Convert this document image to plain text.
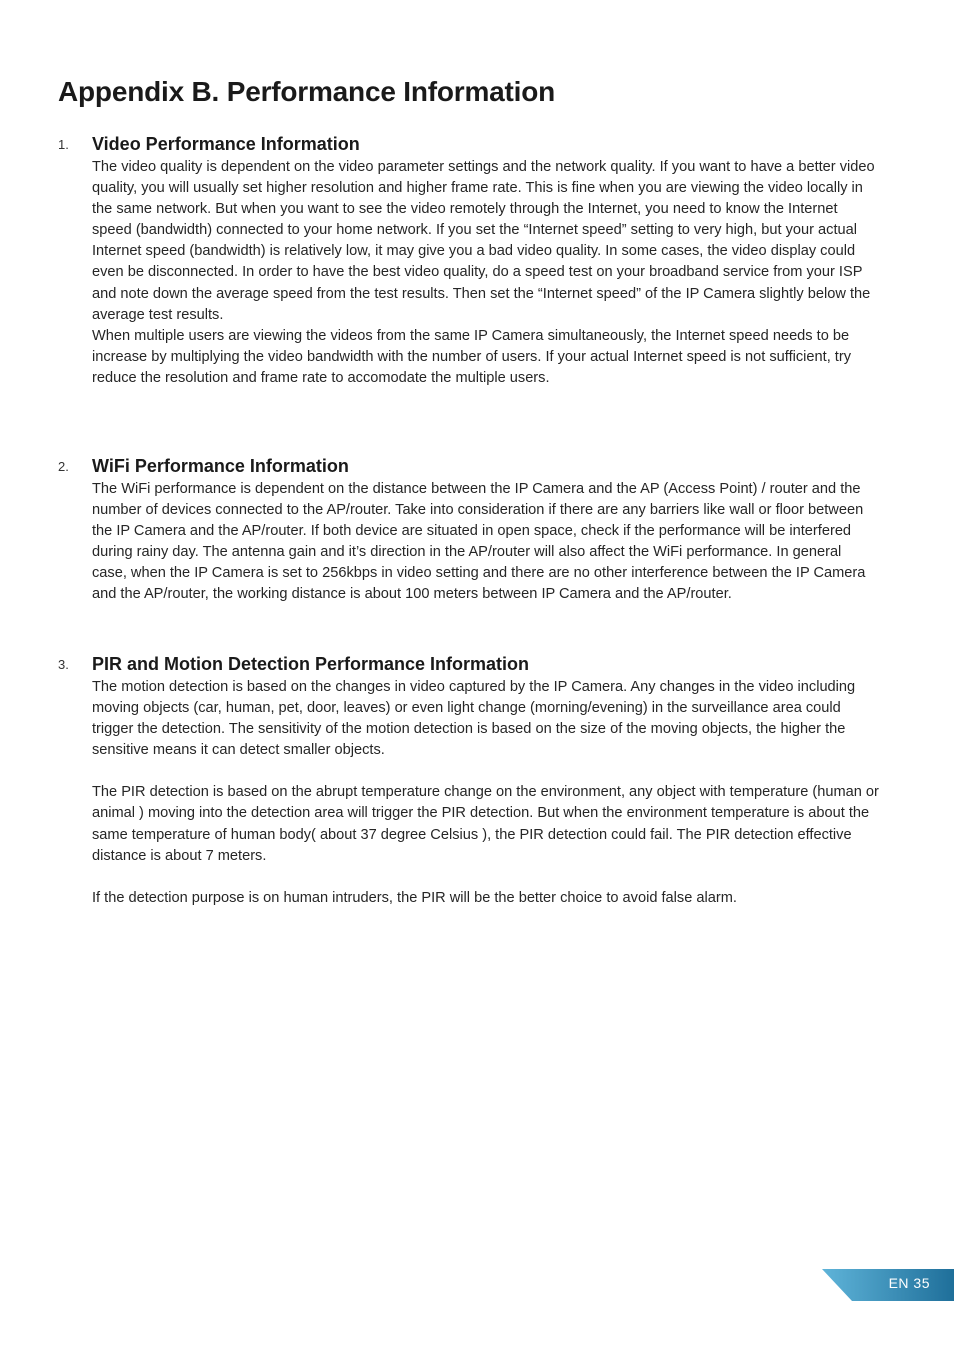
Appendix B. Performance Information
1. Video Performance Information

The video quality is dependent on the video parameter settings and the network quality. If you want to have a better video quality, you will usually set higher resolution and higher frame rate. This is fine when you are viewing the video locally in the same network. But when you want to see the video remotely through the Internet, you need to know the Internet speed (bandwidth) connected to your home network. If you set the “Internet speed” setting to very high, but your actual Internet speed (bandwidth) is relatively low, it may give you a bad video quality. In some cases, the video display could even be disconnected. In order to have the best video quality, do a speed test on your broadband service from your ISP and note down the average speed from the test results. Then set the “Internet speed” of the IP Camera slightly below the average test results.

When multiple users are viewing the videos from the same IP Camera simultaneously, the Internet speed needs to be increase by multiplying the video bandwidth with the number of users. If your actual Internet speed is not sufficient, try reduce the resolution and frame rate to accomodate the multiple users.

2. WiFi Performance Information

The WiFi performance is dependent on the distance between the IP Camera and the AP (Access Point) / router and the number of devices connected to the AP/router. Take into consideration if there are any barriers like wall or floor between the IP Camera and the AP/router. If both device are situated in open space, check if the performance will be interfered during rainy day. The antenna gain and it’s direction in the AP/router will also affect the WiFi performance. In general case, when the IP Camera is set to 256kbps in video setting and there are no other interference between the IP Camera and the AP/router, the working distance is about 100 meters between IP Camera and the AP/router.

3. PIR and Motion Detection Performance Information

The motion detection is based on the changes in video captured by the IP Camera. Any changes in the video including moving objects (car, human, pet, door, leaves) or even light change (morning/evening) in the surveillance area could trigger the detection. The sensitivity of the motion detection is based on the size of the moving objects, the higher the sensitive means it can detect smaller objects.

The PIR detection is based on the abrupt temperature change on the environment, any object with temperature (human or animal ) moving into the detection area will trigger the PIR detection. But when the environment temperature is about the same temperature of human body( about 37 degree Celsius ), the PIR detection could fail. The PIR detection effective distance is about 7 meters.

If the detection purpose is on human intruders, the PIR will be the better choice to avoid false alarm.

EN 35
